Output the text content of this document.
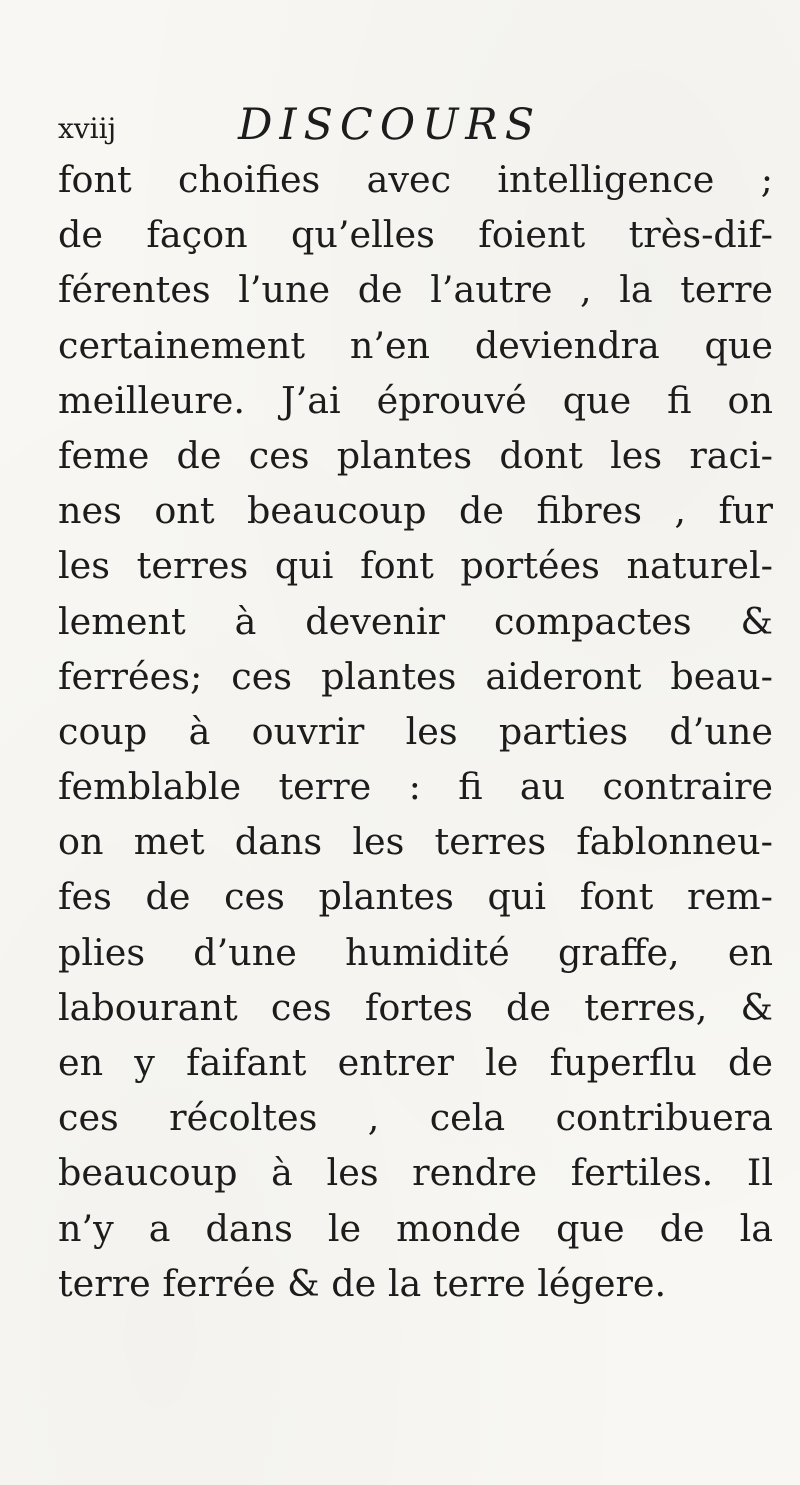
xviij	DISCOURS
font choifies avec intelligence ;
de façon qu’elles foient très-dif-
férentes l’une de l’autre , la terre
certainement n’en deviendra que
meilleure. J’ai éprouvé que fi on
feme de ces plantes dont les raci-
nes ont beaucoup de fibres , fur
les terres qui font portées naturel-
lement à devenir compactes &
ferrées; ces plantes aideront beau-
coup à ouvrir les parties d’une
femblable terre : fi au contraire
on met dans les terres fablonneu-
fes de ces plantes qui font rem-
plies d’une humidité graffe, en
labourant ces fortes de terres, &
en y faifant entrer le fuperflu de
ces récoltes , cela contribuera
beaucoup à les rendre fertiles. Il
n’y a dans le monde que de la
terre ferrée & de la terre légere.
